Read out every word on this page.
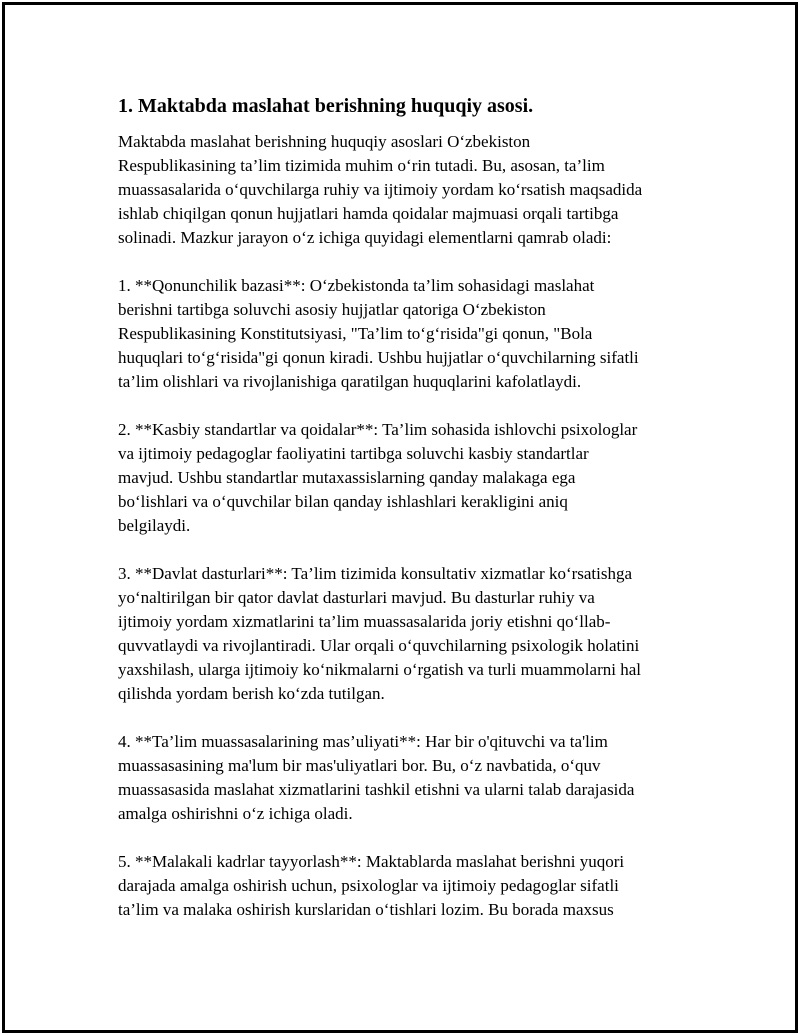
1. Maktabda maslahat berishning huquqiy asosi.
Maktabda maslahat berishning huquqiy asoslari O‘zbekiston
Respublikasining ta’lim tizimida muhim o‘rin tutadi. Bu, asosan, ta’lim
muassasalarida o‘quvchilarga ruhiy va ijtimoiy yordam ko‘rsatish maqsadida
ishlab chiqilgan qonun hujjatlari hamda qoidalar majmuasi orqali tartibga
solinadi. Mazkur jarayon o‘z ichiga quyidagi elementlarni qamrab oladi:
1. **Qonunchilik bazasi**: O‘zbekistonda ta’lim sohasidagi maslahat
berishni tartibga soluvchi asosiy hujjatlar qatoriga O‘zbekiston
Respublikasining Konstitutsiyasi, "Ta’lim to‘g‘risida"gi qonun, "Bola
huquqlari to‘g‘risida"gi qonun kiradi. Ushbu hujjatlar o‘quvchilarning sifatli
ta’lim olishlari va rivojlanishiga qaratilgan huquqlarini kafolatlaydi.
2. **Kasbiy standartlar va qoidalar**: Ta’lim sohasida ishlovchi psixologlar
va ijtimoiy pedagoglar faoliyatini tartibga soluvchi kasbiy standartlar
mavjud. Ushbu standartlar mutaxassislarning qanday malakaga ega
bo‘lishlari va o‘quvchilar bilan qanday ishlashlari kerakligini aniq
belgilaydi.
3. **Davlat dasturlari**: Ta’lim tizimida konsultativ xizmatlar ko‘rsatishga
yo‘naltirilgan bir qator davlat dasturlari mavjud. Bu dasturlar ruhiy va
ijtimoiy yordam xizmatlarini ta’lim muassasalarida joriy etishni qo‘llab-
quvvatlaydi va rivojlantiradi. Ular orqali o‘quvchilarning psixologik holatini
yaxshilash, ularga ijtimoiy ko‘nikmalarni o‘rgatish va turli muammolarni hal
qilishda yordam berish ko‘zda tutilgan.
4. **Ta’lim muassasalarining mas’uliyati**: Har bir o'qituvchi va ta'lim
muassasasining ma'lum bir mas'uliyatlari bor. Bu, o‘z navbatida, o‘quv
muassasasida maslahat xizmatlarini tashkil etishni va ularni talab darajasida
amalga oshirishni o‘z ichiga oladi.
5. **Malakali kadrlar tayyorlash**: Maktablarda maslahat berishni yuqori
darajada amalga oshirish uchun, psixologlar va ijtimoiy pedagoglar sifatli
ta’lim va malaka oshirish kurslaridan o‘tishlari lozim. Bu borada maxsus
